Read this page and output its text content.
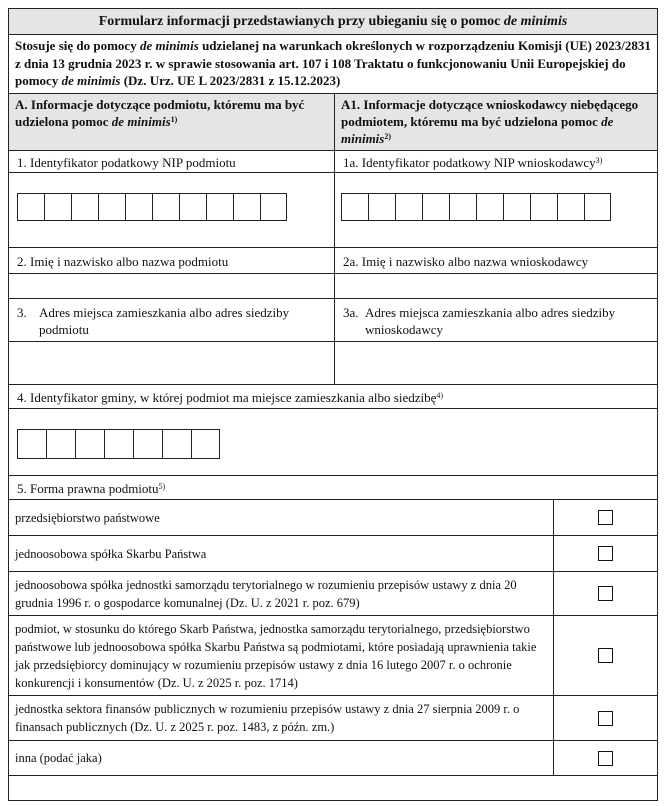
Formularz informacji przedstawianych przy ubieganiu się o pomoc de minimis
Stosuje się do pomocy de minimis udzielanej na warunkach określonych w rozporządzeniu Komisji (UE) 2023/2831 z dnia 13 grudnia 2023 r. w sprawie stosowania art. 107 i 108 Traktatu o funkcjonowaniu Unii Europejskiej do pomocy de minimis (Dz. Urz. UE L 2023/2831 z 15.12.2023)
A. Informacje dotyczące podmiotu, któremu ma być udzielona pomoc de minimis$^{1)}$
A1. Informacje dotyczące wnioskodawcy niebędącego podmiotem, któremu ma być udzielona pomoc de minimis$^{2)}$
1. Identyfikator podatkowy NIP podmiotu	1a. Identyfikator podatkowy NIP wnioskodawcy$^{3)}$
2. Imię i nazwisko albo nazwa podmiotu	2a. Imię i nazwisko albo nazwa wnioskodawcy
3. Adres miejsca zamieszkania albo adres siedziby podmiotu
3a. Adres miejsca zamieszkania albo adres siedziby wnioskodawcy
4. Identyfikator gminy, w której podmiot ma miejsce zamieszkania albo siedzibę$^{4)}$
5. Forma prawna podmiotu$^{5)}$
przedsiębiorstwo państwowe
jednoosobowa spółka Skarbu Państwa
jednoosobowa spółka jednostki samorządu terytorialnego w rozumieniu przepisów ustawy z dnia 20 grudnia 1996 r. o gospodarce komunalnej (Dz. U. z 2021 r. poz. 679)
podmiot, w stosunku do którego Skarb Państwa, jednostka samorządu terytorialnego, przedsiębiorstwo państwowe lub jednoosobowa spółka Skarbu Państwa są podmiotami, które posiadają uprawnienia takie jak przedsiębiorcy dominujący w rozumieniu przepisów ustawy z dnia 16 lutego 2007 r. o ochronie konkurencji i konsumentów (Dz. U. z 2025 r. poz. 1714)
jednostka sektora finansów publicznych w rozumieniu przepisów ustawy z dnia 27 sierpnia 2009 r. o finansach publicznych (Dz. U. z 2025 r. poz. 1483, z późn. zm.)
inna (podać jaka)
